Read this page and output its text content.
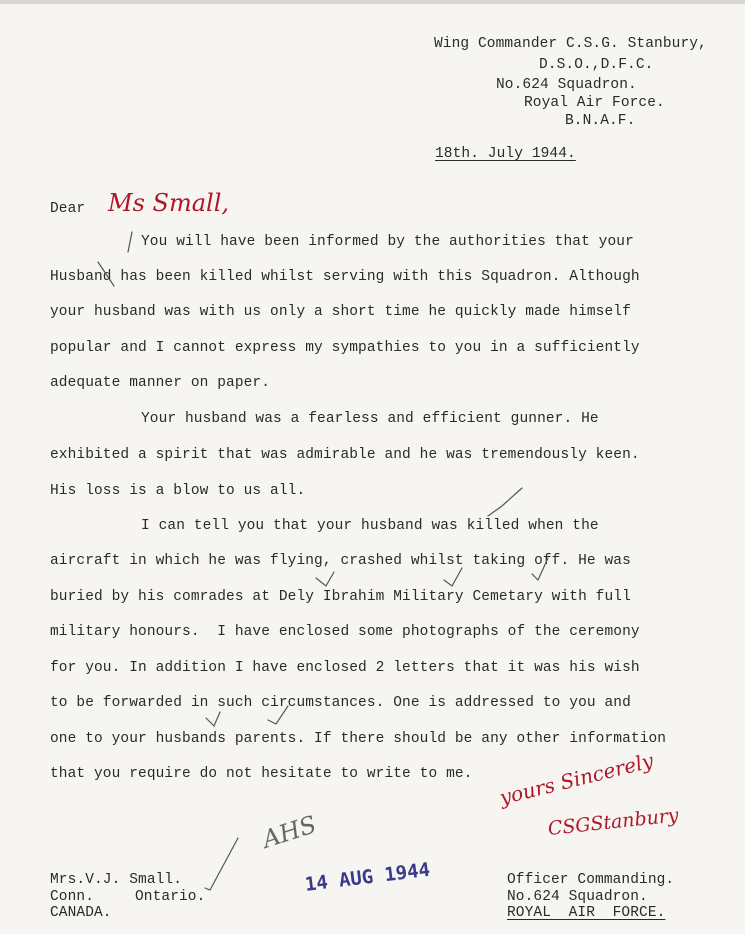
Wing Commander C.S.G. Stanbury,
D.S.O.,D.F.C.
No.624 Squadron.
Royal Air Force.
B.N.A.F.
18th. July 1944.
Dear Ms Small,
You will have been informed by the authorities that your
Husband has been killed whilst serving with this Squadron. Although
your husband was with us only a short time he quickly made himself
popular and I cannot express my sympathies to you in a sufficiently
adequate manner on paper.
Your husband was a fearless and efficient gunner. He
exhibited a spirit that was admirable and he was tremendously keen.
His loss is a blow to us all.
I can tell you that your husband was killed when the
aircraft in which he was flying, crashed whilst taking off. He was
buried by his comrades at Dely Ibrahim Military Cemetary with full
military honours.  I have enclosed some photographs of the ceremony
for you. In addition I have enclosed 2 letters that it was his wish
to be forwarded in such circumstances. One is addressed to you and
one to your husbands parents. If there should be any other information
that you require do not hesitate to write to me.
AHS
yours Sincerely
CSGStanbury
Mrs.V.J. Small.
Conn.	Ontario.
CANADA.
14 AUG 1944	Officer Commanding.
No.624 Squadron.
ROYAL  AIR  FORCE.
